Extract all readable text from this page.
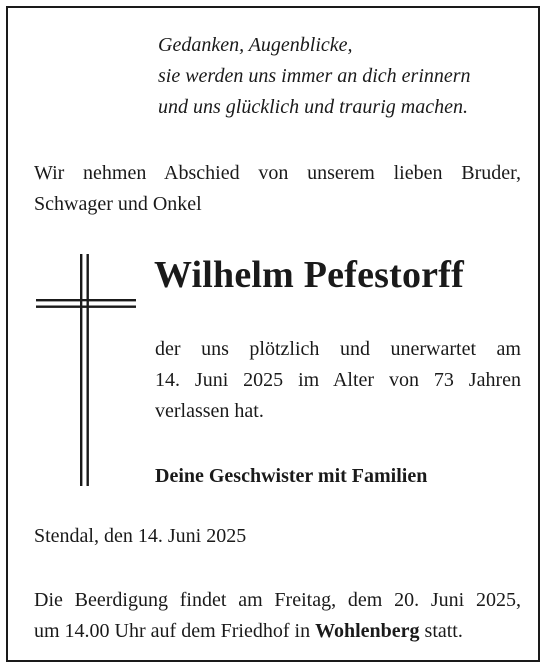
Gedanken, Augenblicke,
sie werden uns immer an dich erinnern
und uns glücklich und traurig machen.
Wir nehmen Abschied von unserem lieben Bruder,
Schwager und Onkel
Wilhelm Pefestorff
der uns plötzlich und unerwartet am
14. Juni 2025 im Alter von 73 Jahren
verlassen hat.
Deine Geschwister mit Familien
Stendal, den 14. Juni 2025
Die Beerdigung findet am Freitag, dem 20. Juni 2025,
um 14.00 Uhr auf dem Friedhof in Wohlenberg statt.
